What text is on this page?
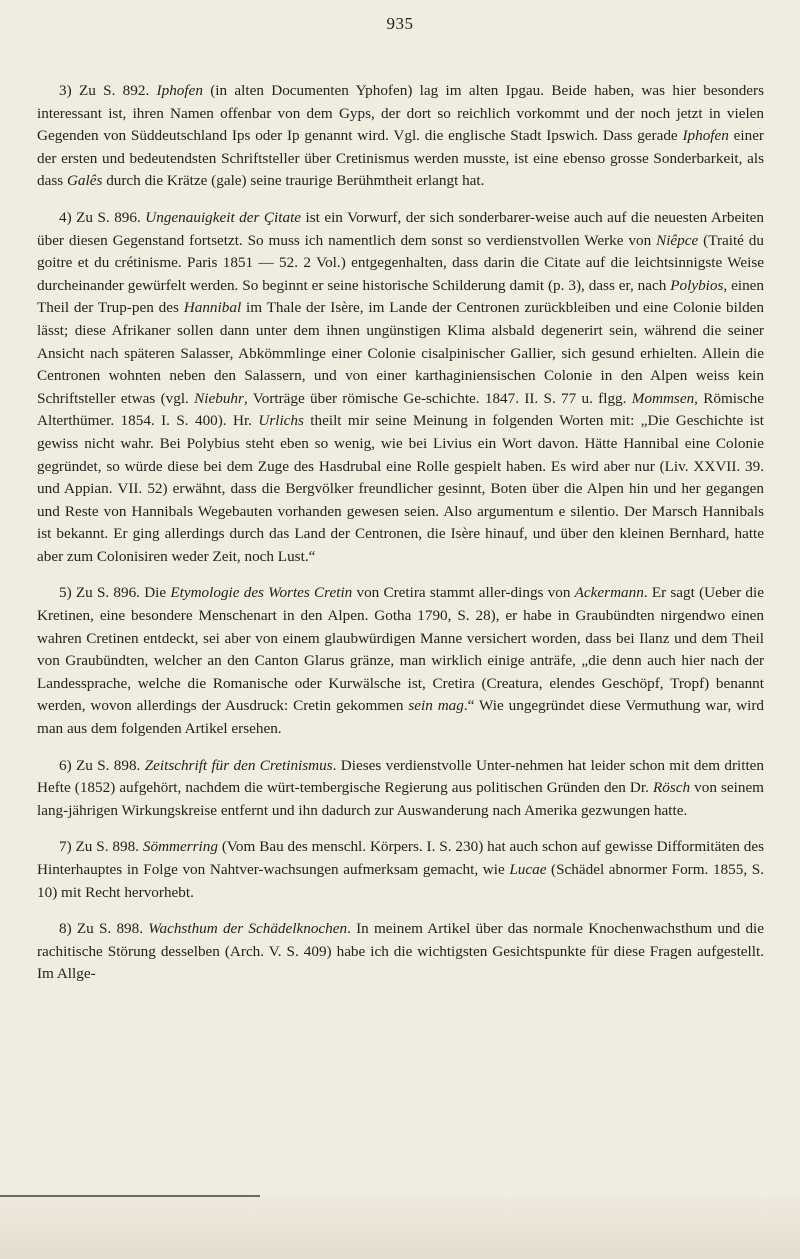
935

3) Zu S. 892. Iphofen (in alten Documenten Yphofen) lag im alten Ipgau. Beide haben, was hier besonders interessant ist, ihren Namen offenbar von dem Gyps, der dort so reichlich vorkommt und der noch jetzt in vielen Gegenden von Süddeutschland Ips oder Ip genannt wird. Vgl. die englische Stadt Ipswich. Dass gerade Iphofen einer der ersten und bedeutendsten Schriftsteller über Cretinismus werden musste, ist eine ebenso grosse Sonderbarkeit, als dass Galês durch die Krätze (gale) seine traurige Berühmtheit erlangt hat.

4) Zu S. 896. Ungenauigkeit der Çitate ist ein Vorwurf, der sich sonderbarer-weise auch auf die neuesten Arbeiten über diesen Gegenstand fortsetzt. So muss ich namentlich dem sonst so verdienstvollen Werke von Niêpce (Traité du goitre et du crétinisme. Paris 1851 — 52. 2 Vol.) entgegenhalten, dass darin die Citate auf die leichtsinnigste Weise durcheinander gewürfelt werden. So beginnt er seine historische Schilderung damit (p. 3), dass er, nach Polybios, einen Theil der Trup-pen des Hannibal im Thale der Isère, im Lande der Centronen zurückbleiben und eine Colonie bilden lässt; diese Afrikaner sollen dann unter dem ihnen ungünstigen Klima alsbald degenerirt sein, während die seiner Ansicht nach späteren Salasser, Abkömmlinge einer Colonie cisalpinischer Gallier, sich gesund erhielten. Allein die Centronen wohnten neben den Salassern, und von einer karthaginiensischen Colonie in den Alpen weiss kein Schriftsteller etwas (vgl. Niebuhr, Vorträge über römische Ge-schichte. 1847. II. S. 77 u. flgg. Mommsen, Römische Alterthümer. 1854. I. S. 400). Hr. Urlichs theilt mir seine Meinung in folgenden Worten mit: „Die Geschichte ist gewiss nicht wahr. Bei Polybius steht eben so wenig, wie bei Livius ein Wort davon. Hätte Hannibal eine Colonie gegründet, so würde diese bei dem Zuge des Hasdrubal eine Rolle gespielt haben. Es wird aber nur (Liv. XXVII. 39. und Appian. VII. 52) erwähnt, dass die Bergvölker freundlicher gesinnt, Boten über die Alpen hin und her gegangen und Reste von Hannibals Wegebauten vorhanden gewesen seien. Also argumentum e silentio. Der Marsch Hannibals ist bekannt. Er ging allerdings durch das Land der Centronen, die Isère hinauf, und über den kleinen Bernhard, hatte aber zum Colonisiren weder Zeit, noch Lust.“

5) Zu S. 896. Die Etymologie des Wortes Cretin von Cretira stammt aller-dings von Ackermann. Er sagt (Ueber die Kretinen, eine besondere Menschenart in den Alpen. Gotha 1790, S. 28), er habe in Graubündten nirgendwo einen wahren Cretinen entdeckt, sei aber von einem glaubwürdigen Manne versichert worden, dass bei Ilanz und dem Theil von Graubündten, welcher an den Canton Glarus gränze, man wirklich einige anträfe, „die denn auch hier nach der Landessprache, welche die Romanische oder Kurwälsche ist, Cretira (Creatura, elendes Geschöpf, Tropf) benannt werden, wovon allerdings der Ausdruck: Cretin gekommen sein mag.“ Wie ungegründet diese Vermuthung war, wird man aus dem folgenden Artikel ersehen.

6) Zu S. 898. Zeitschrift für den Cretinismus. Dieses verdienstvolle Unter-nehmen hat leider schon mit dem dritten Hefte (1852) aufgehört, nachdem die würt-tembergische Regierung aus politischen Gründen den Dr. Rösch von seinem lang-jährigen Wirkungskreise entfernt und ihn dadurch zur Auswanderung nach Amerika gezwungen hatte.

7) Zu S. 898. Sömmerring (Vom Bau des menschl. Körpers. I. S. 230) hat auch schon auf gewisse Difformitäten des Hinterhauptes in Folge von Nahtver-wachsungen aufmerksam gemacht, wie Lucae (Schädel abnormer Form. 1855, S. 10) mit Recht hervorhebt.

8) Zu S. 898. Wachsthum der Schädelknochen. In meinem Artikel über das normale Knochenwachsthum und die rachitische Störung desselben (Arch. V. S. 409) habe ich die wichtigsten Gesichtspunkte für diese Fragen aufgestellt. Im Allge-
